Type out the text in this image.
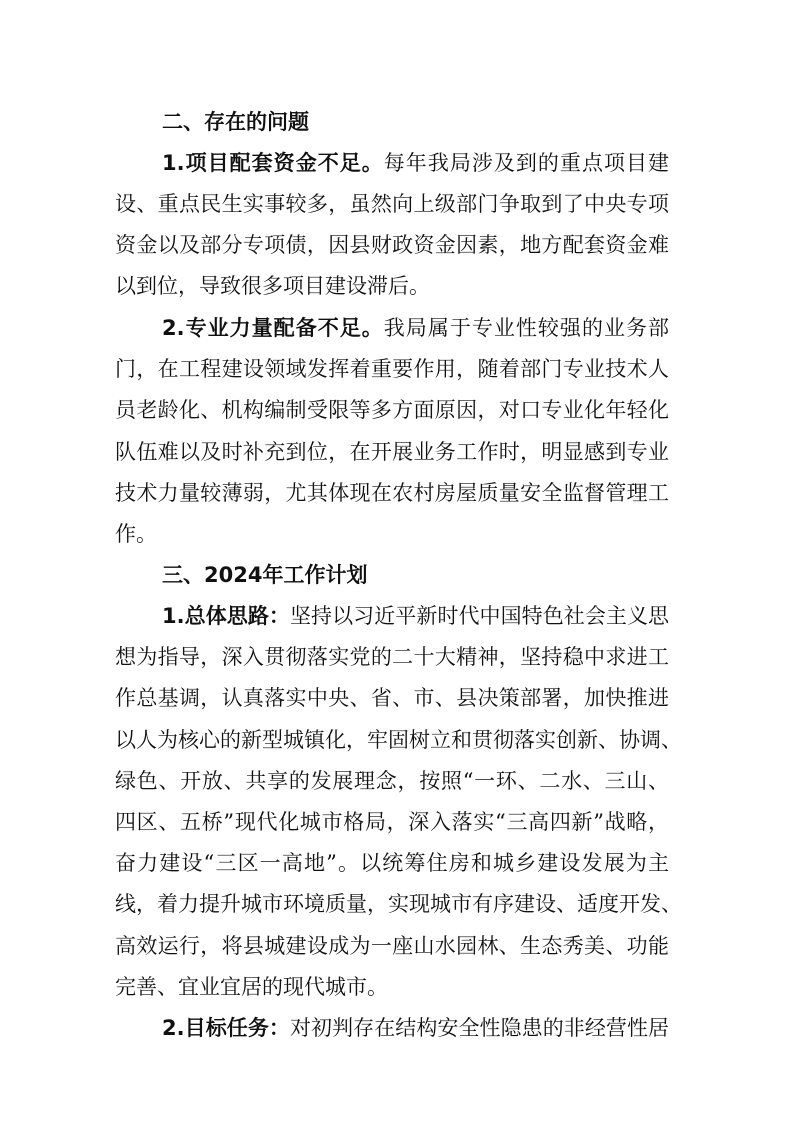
二、存在的问题
1.项目配套资金不足。每年我局涉及到的重点项目建
设、重点民生实事较多，虽然向上级部门争取到了中央专项
资金以及部分专项债，因县财政资金因素，地方配套资金难
以到位，导致很多项目建设滞后。
2.专业力量配备不足。我局属于专业性较强的业务部
门，在工程建设领域发挥着重要作用，随着部门专业技术人
员老龄化、机构编制受限等多方面原因，对口专业化年轻化
队伍难以及时补充到位，在开展业务工作时，明显感到专业
技术力量较薄弱，尤其体现在农村房屋质量安全监督管理工
作。
三、2024年工作计划
1.总体思路：坚持以习近平新时代中国特色社会主义思
想为指导，深入贯彻落实党的二十大精神，坚持稳中求进工
作总基调，认真落实中央、省、市、县决策部署，加快推进
以人为核心的新型城镇化，牢固树立和贯彻落实创新、协调、
绿色、开放、共享的发展理念，按照“一环、二水、三山、
四区、五桥”现代化城市格局，深入落实“三高四新”战略，
奋力建设“三区一高地”。以统筹住房和城乡建设发展为主
线，着力提升城市环境质量，实现城市有序建设、适度开发、
高效运行，将县城建设成为一座山水园林、生态秀美、功能
完善、宜业宜居的现代城市。
2.目标任务：对初判存在结构安全性隐患的非经营性居
